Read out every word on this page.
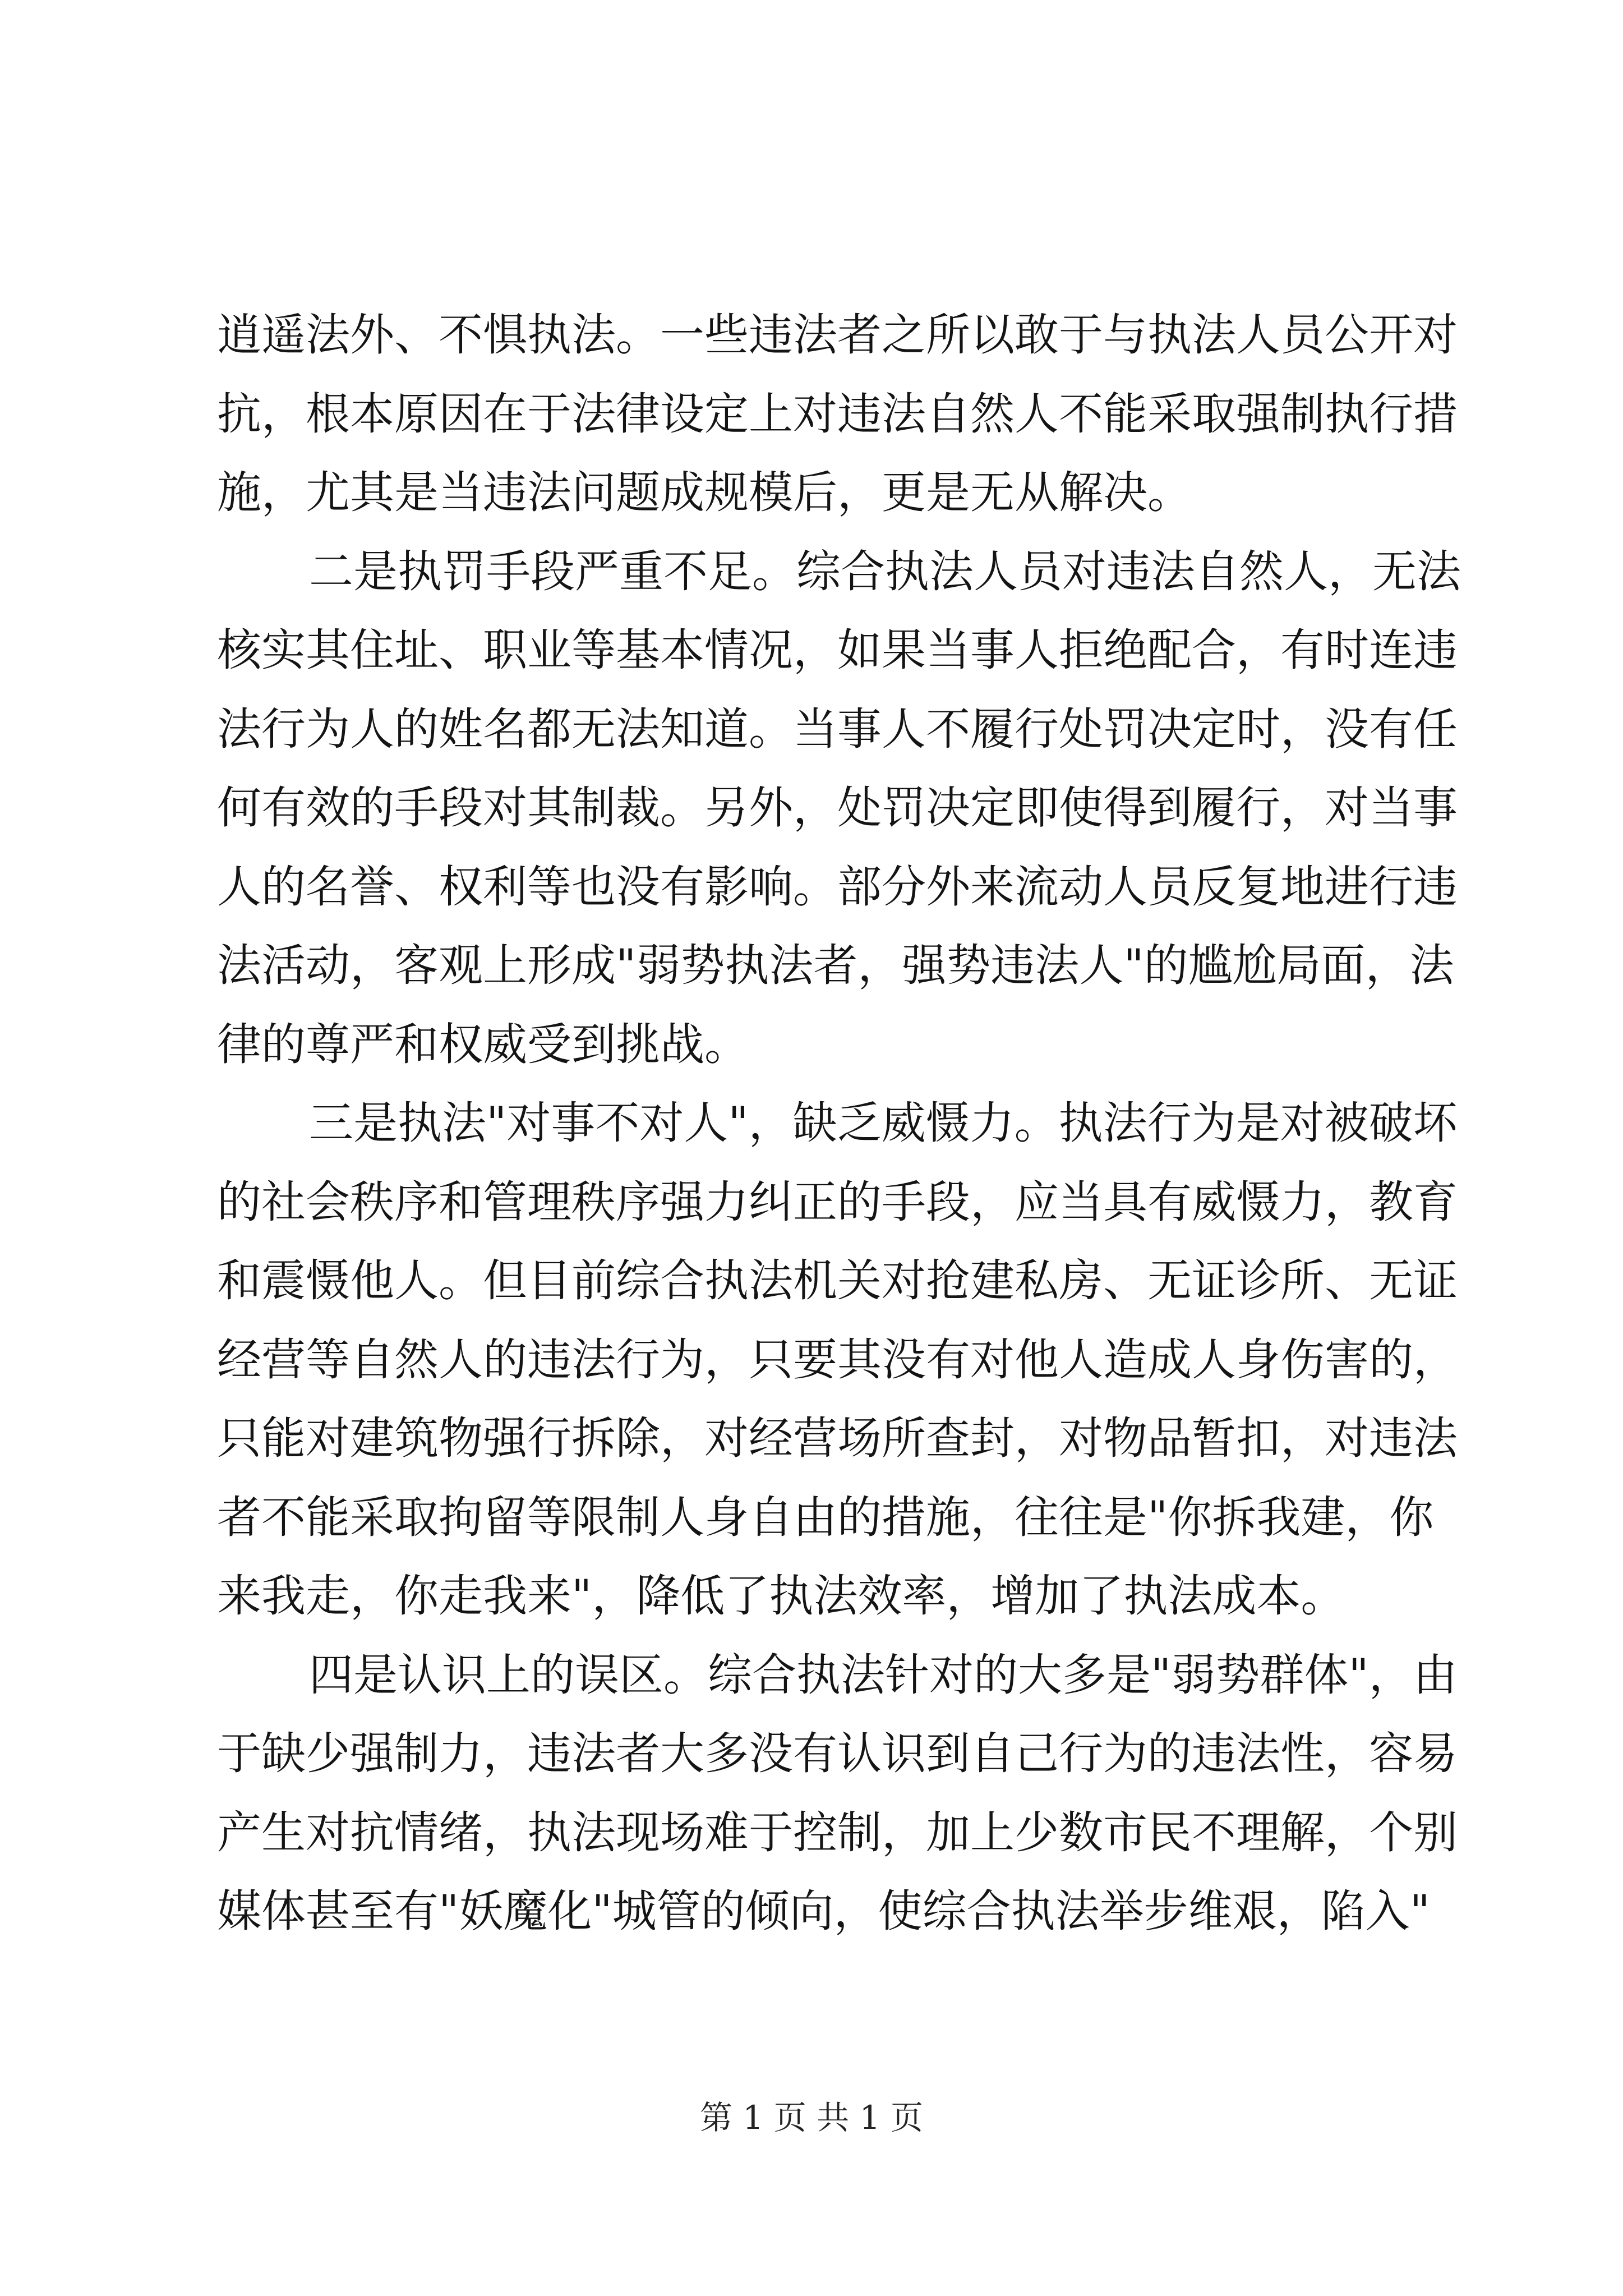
逍遥法外、不惧执法。一些违法者之所以敢于与执法人员公开对
抗，根本原因在于法律设定上对违法自然人不能采取强制执行措
施，尤其是当违法问题成规模后，更是无从解决。
二是执罚手段严重不足。综合执法人员对违法自然人，无法
核实其住址、职业等基本情况，如果当事人拒绝配合，有时连违
法行为人的姓名都无法知道。当事人不履行处罚决定时，没有任
何有效的手段对其制裁。另外，处罚决定即使得到履行，对当事
人的名誉、权利等也没有影响。部分外来流动人员反复地进行违
法活动，客观上形成"弱势执法者，强势违法人"的尴尬局面，法
律的尊严和权威受到挑战。
三是执法"对事不对人"，缺乏威慑力。执法行为是对被破坏
的社会秩序和管理秩序强力纠正的手段，应当具有威慑力，教育
和震慑他人。但目前综合执法机关对抢建私房、无证诊所、无证
经营等自然人的违法行为，只要其没有对他人造成人身伤害的，
只能对建筑物强行拆除，对经营场所查封，对物品暂扣，对违法
者不能采取拘留等限制人身自由的措施，往往是"你拆我建，你
来我走，你走我来"，降低了执法效率，增加了执法成本。
四是认识上的误区。综合执法针对的大多是"弱势群体"，由
于缺少强制力，违法者大多没有认识到自己行为的违法性，容易
产生对抗情绪，执法现场难于控制，加上少数市民不理解，个别
媒体甚至有"妖魔化"城管的倾向，使综合执法举步维艰，陷入"
第 1 页 共 1 页
